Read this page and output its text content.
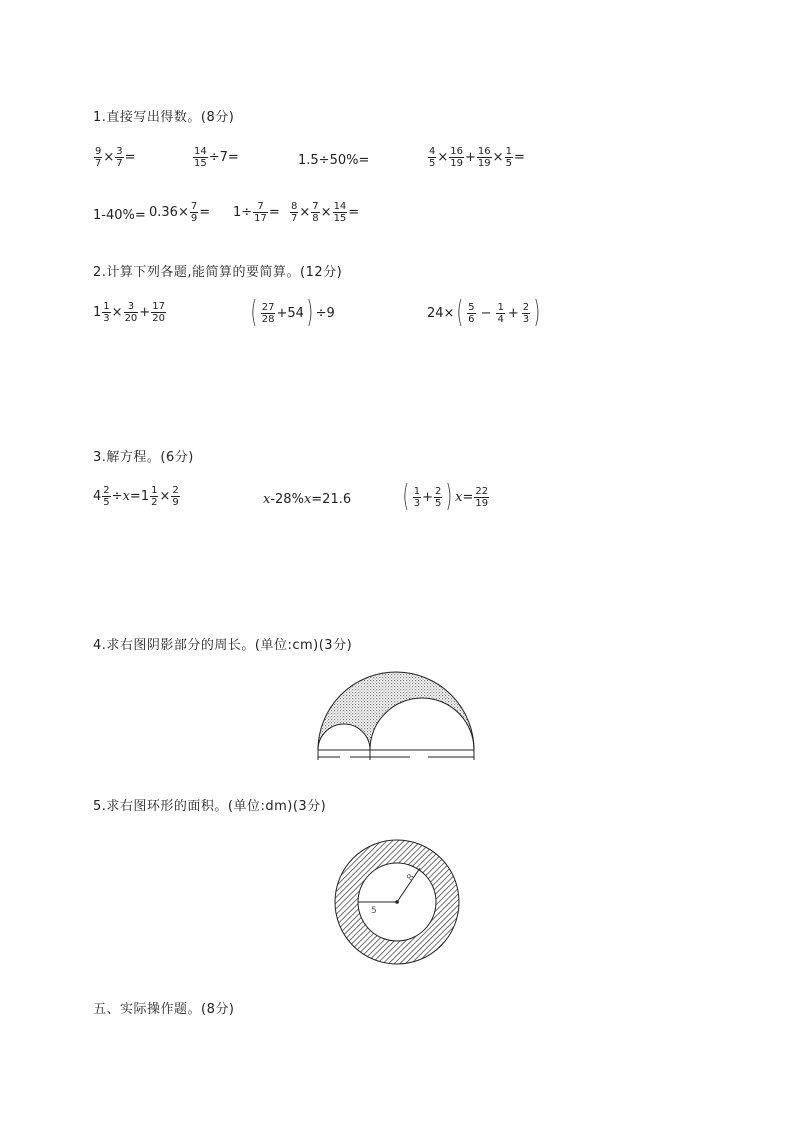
1.直接写出得数。(8分)
$\frac{9}{7} \times \frac{3}{7}$ =	$\frac{14}{15} \div 7=$	1.5÷50%=	$\frac{4}{5} \times \frac{16}{19} + \frac{16}{19} \times \frac{1}{5}$ =
$1-40\%= 0.36\times \frac{7}{9} = 1\div \frac{7}{17} = \frac{8}{7} \times \frac{7}{8} \times \frac{14}{15}$ =
2.计算下列各题,能简算的要简算。(12分)
$1 \frac{1}{3} \times \frac{3}{20} + \frac{17}{20}$	( $\frac{27}{28} +54$ ) ÷9	24× ( $\frac{5}{6} - \frac{1}{4} + \frac{2}{3}$ )
3.解方程。(6分)
$4 \frac{2}{5} \div x = 1 \frac{1}{2} \times \frac{2}{9}$	x-28%x=21.6 ( $\frac{1}{3} + \frac{2}{5}$ ) $x = \frac{22}{19}$
4.求右图阴影部分的周长。(单位:cm)(3分)
5.求右图环形的面积。(单位:dm)(3分)
5
8
五、实际操作题。(8分)
